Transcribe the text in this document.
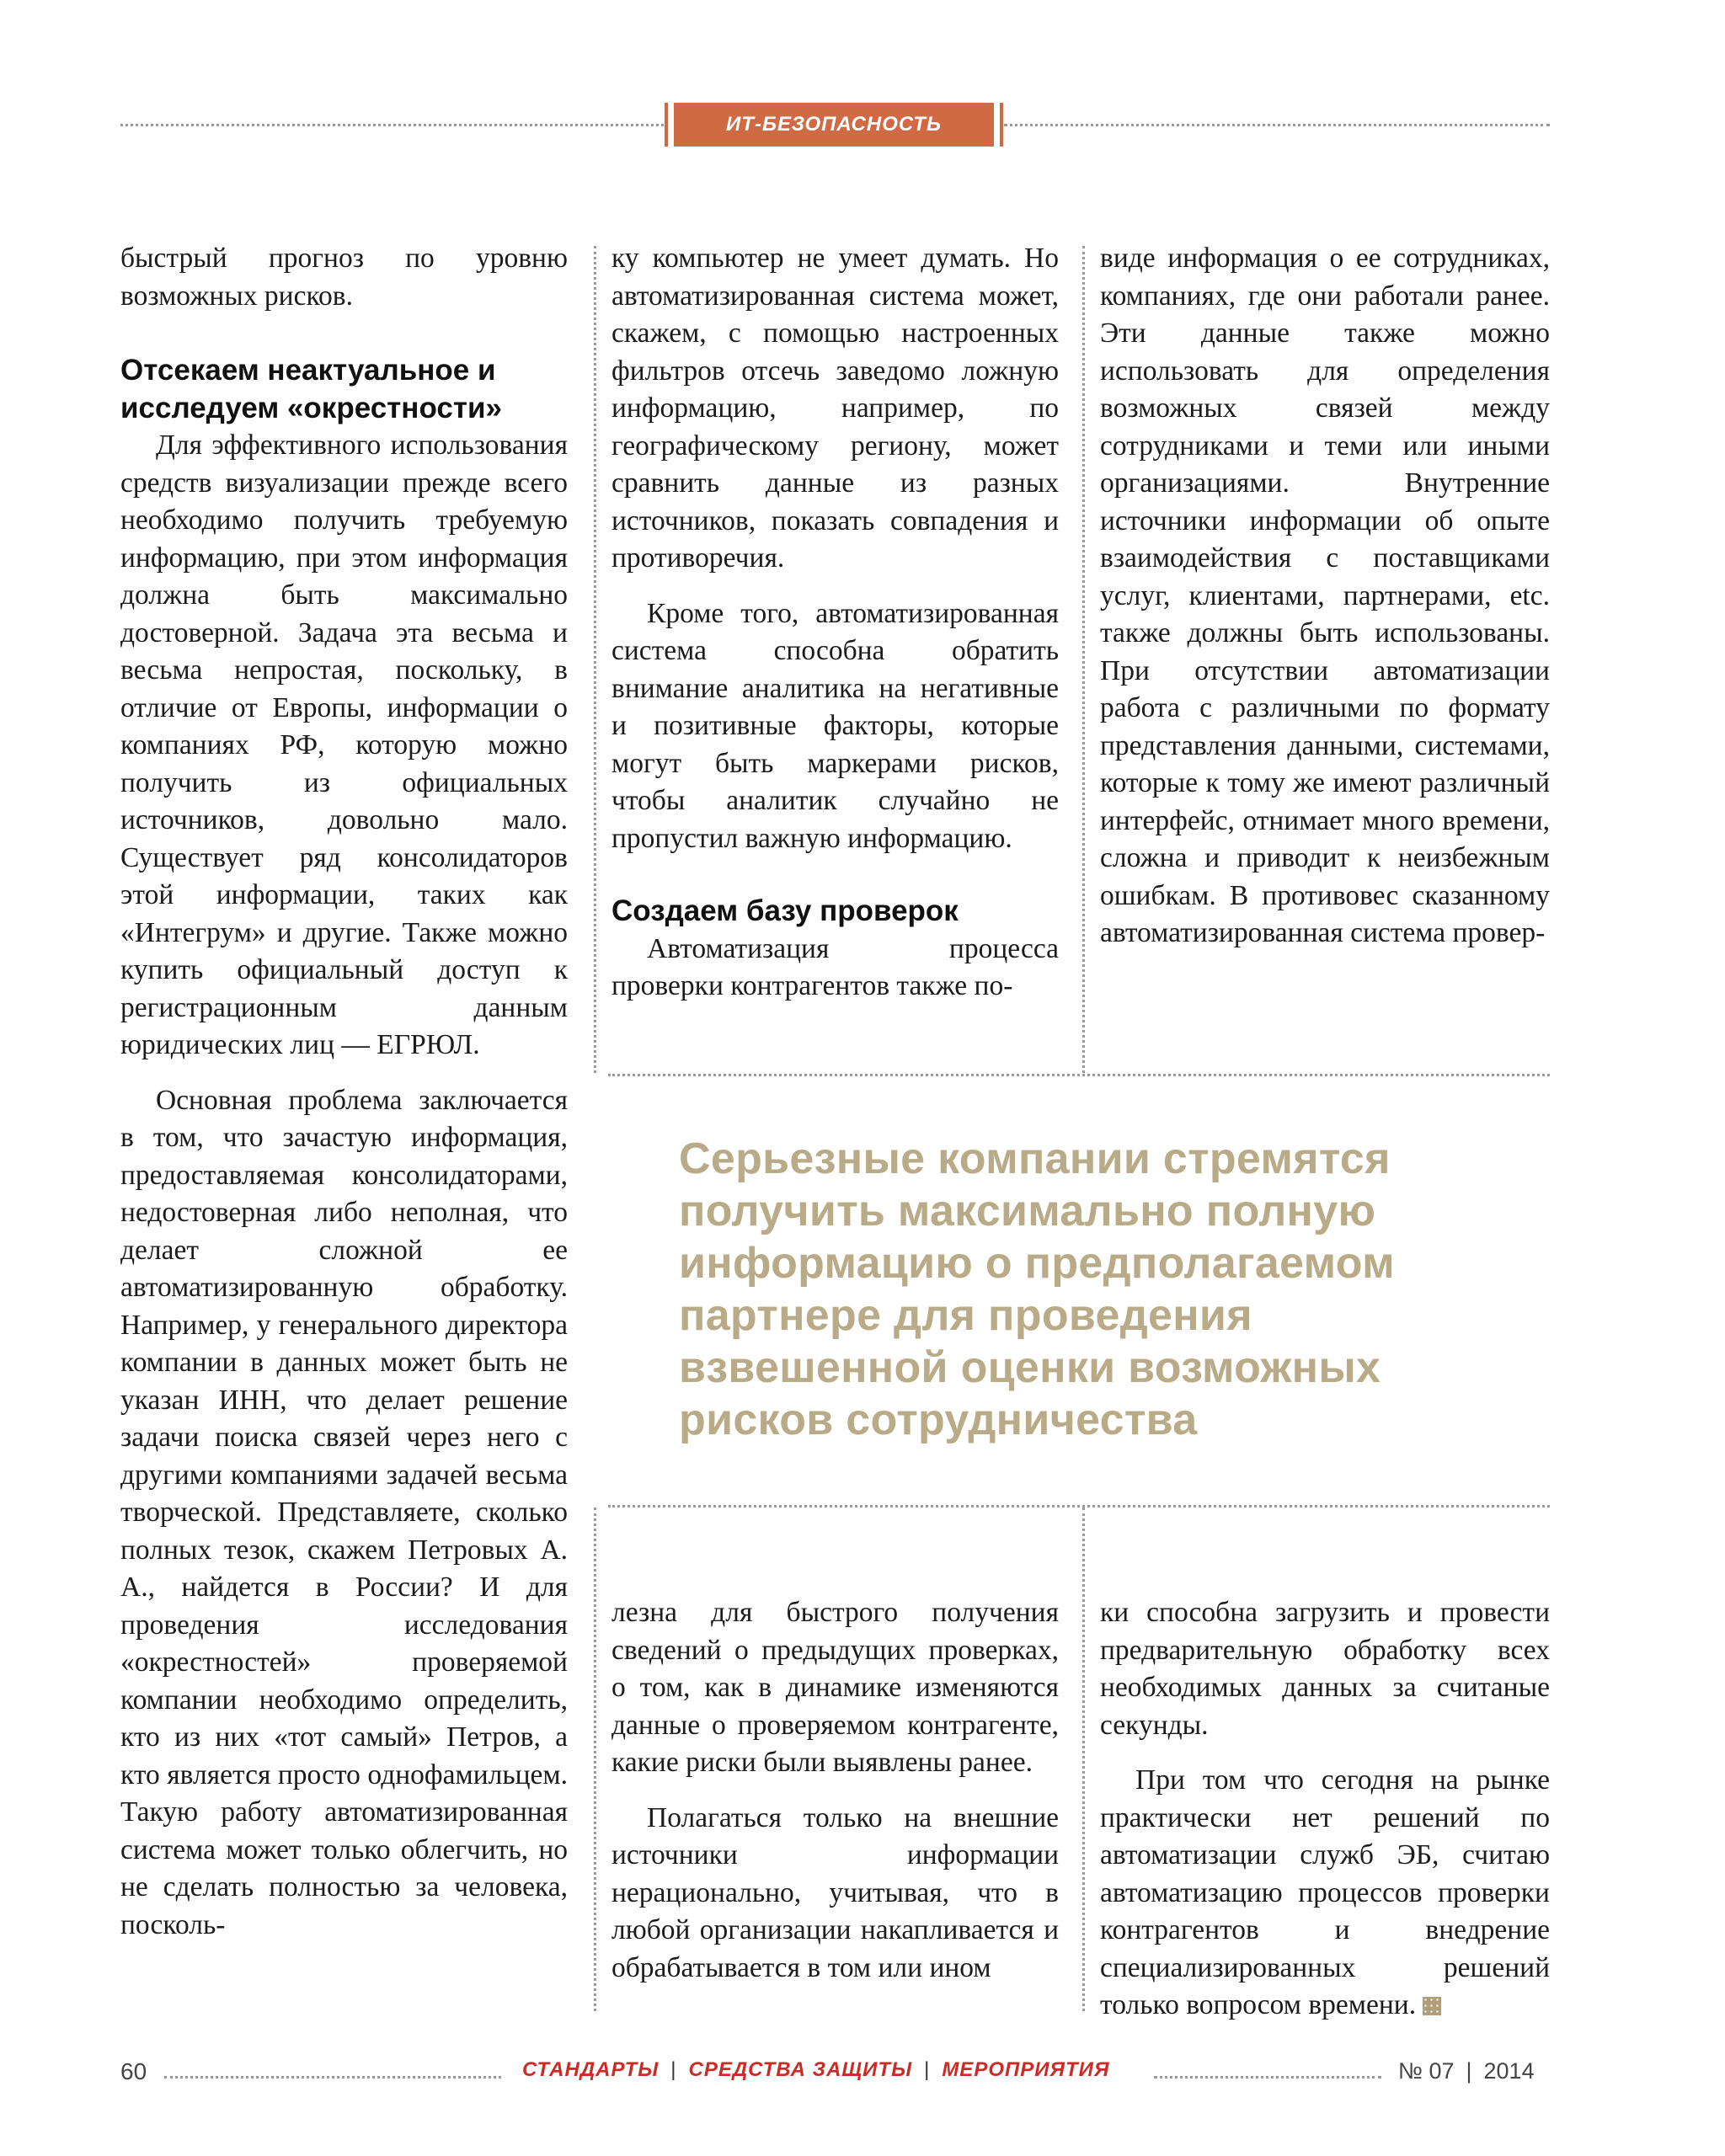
ИТ-БЕЗОПАСНОСТЬ

быстрый прогноз по уровню возможных рисков.

Отсекаем неактуальное и исследуем «окрестности»

Для эффективного использования средств визуализации прежде всего необходимо получить требуемую информацию, при этом информация должна быть максимально достоверной. Задача эта весьма и весьма непростая, поскольку, в отличие от Европы, информации о компаниях РФ, которую можно получить из официальных источников, довольно мало. Существует ряд консолидаторов этой информации, таких как «Интегрум» и другие. Также можно купить официальный доступ к регистрационным данным юридических лиц — ЕГРЮЛ.

Основная проблема заключается в том, что зачастую информация, предоставляемая консолидаторами, недостоверная либо неполная, что делает сложной ее автоматизированную обработку. Например, у генерального директора компании в данных может быть не указан ИНН, что делает решение задачи поиска связей через него с другими компаниями задачей весьма творческой. Представляете, сколько полных тезок, скажем Петровых А. А., найдется в России? И для проведения исследования «окрестностей» проверяемой компании необходимо определить, кто из них «тот самый» Петров, а кто является просто однофамильцем. Такую работу автоматизированная система может только облегчить, но не сделать полностью за человека, посколь-

ку компьютер не умеет думать. Но автоматизированная система может, скажем, с помощью настроенных фильтров отсечь заведомо ложную информацию, например, по географическому региону, может сравнить данные из разных источников, показать совпадения и противоречия.

Кроме того, автоматизированная система способна обратить внимание аналитика на негативные и позитивные факторы, которые могут быть маркерами рисков, чтобы аналитик случайно не пропустил важную информацию.

Создаем базу проверок

Автоматизация процесса проверки контрагентов также по-

виде информация о ее сотрудниках, компаниях, где они работали ранее. Эти данные также можно использовать для определения возможных связей между сотрудниками и теми или иными организациями. Внутренние источники информации об опыте взаимодействия с поставщиками услуг, клиентами, партнерами, etc. также должны быть использованы. При отсутствии автоматизации работа с различными по формату представления данными, системами, которые к тому же имеют различный интерфейс, отнимает много времени, сложна и приводит к неизбежным ошибкам. В противовес сказанному автоматизированная система провер-

Серьезные компании стремятся получить максимально полную информацию о предполагаемом партнере для проведения взвешенной оценки возможных рисков сотрудничества

лезна для быстрого получения сведений о предыдущих проверках, о том, как в динамике изменяются данные о проверяемом контрагенте, какие риски были выявлены ранее.

Полагаться только на внешние источники информации нерационально, учитывая, что в любой организации накапливается и обрабатывается в том или ином

ки способна загрузить и провести предварительную обработку всех необходимых данных за считаные секунды.

При том что сегодня на рынке практически нет решений по автоматизации служб ЭБ, считаю автоматизацию процессов проверки контрагентов и внедрение специализированных решений только вопросом времени.

60	СТАНДАРТЫ | СРЕДСТВА ЗАЩИТЫ | МЕРОПРИЯТИЯ	№ 07 | 2014
